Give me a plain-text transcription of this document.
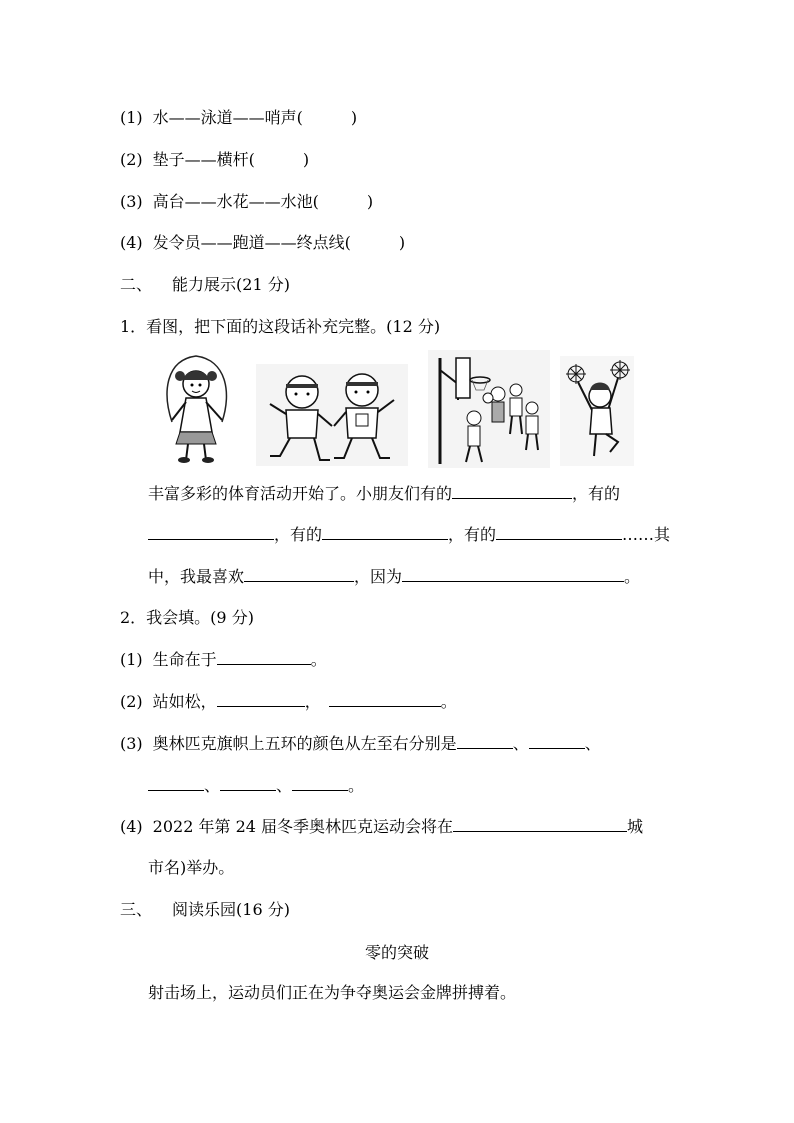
(1) 水——泳道——哨声(	)
(2) 垫子——横杆(	)
(3) 高台——水花——水池(	)
(4) 发令员——跑道——终点线(	)
二、 能力展示(21 分)
1．看图，把下面的这段话补充完整。(12 分)
丰富多彩的体育活动开始了。小朋友们有的	，有的
，有的	，有的	……其
中，我最喜欢	，因为	。
2．我会填。(9 分)
(1) 生命在于	。
(2) 站如松，	，	。
(3) 奥林匹克旗帜上五环的颜色从左至右分别是	、	、
、	、	。
(4) 2022 年第 24 届冬季奥林匹克运动会将在	城
市名)举办。
三、 阅读乐园(16 分)
零的突破
射击场上，运动员们正在为争夺奥运会金牌拼搏着。
